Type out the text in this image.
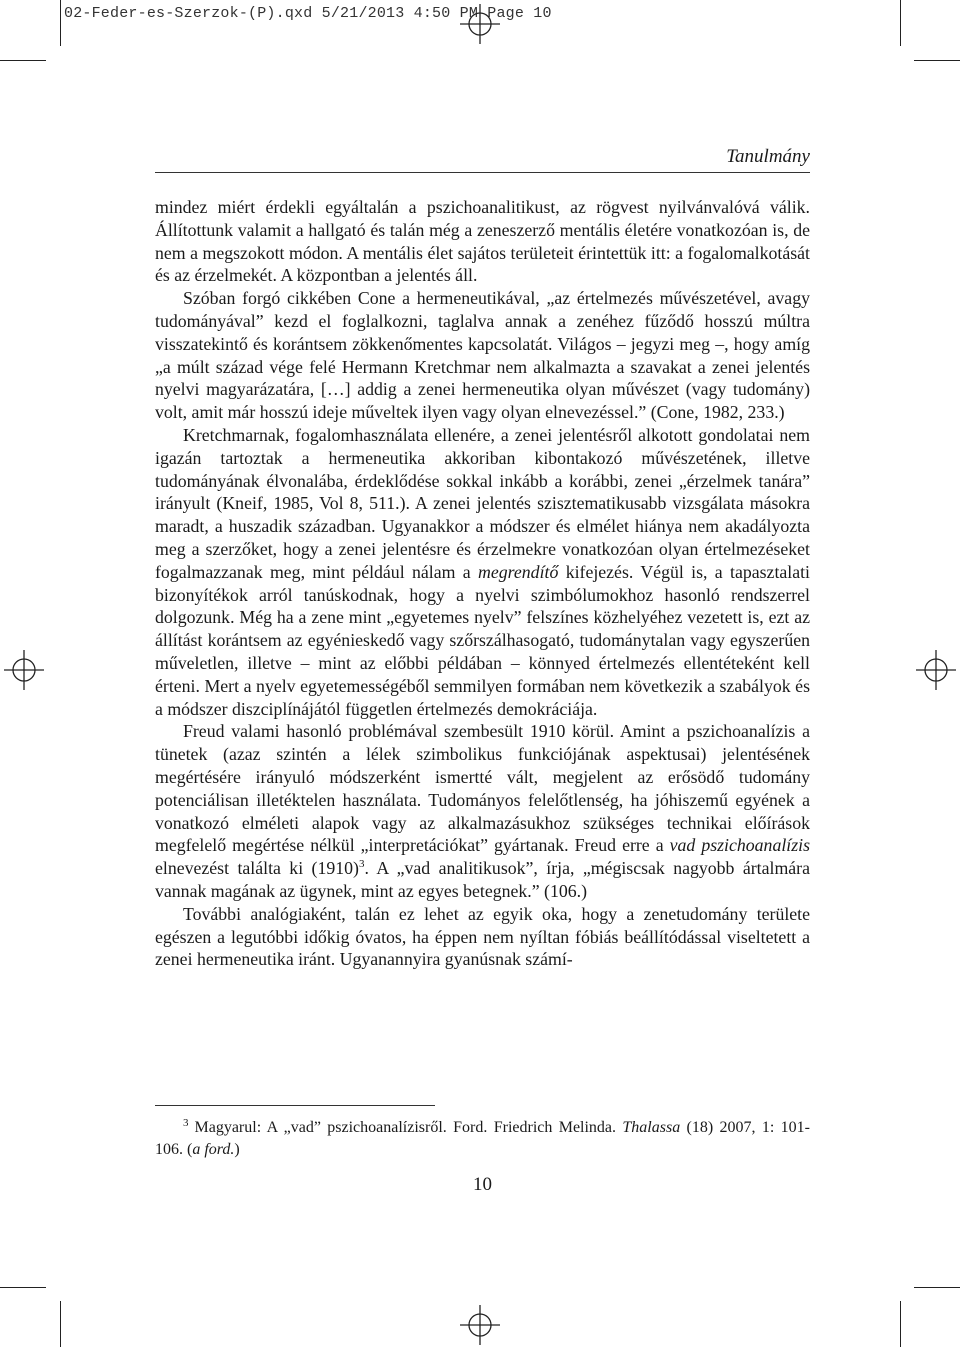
02-Feder-es-Szerzok-(P).qxd 5/21/2013 4:50 PM Page 10
Tanulmány

mindez miért érdekli egyáltalán a pszichoanalitikust, az rögvest nyilvánvalóvá válik. Állítottunk valamit a hallgató és talán még a zeneszerző mentális életére vonatkozóan is, de nem a megszokott módon. A mentális élet sajátos területeit érintettük itt: a fogalomalkotását és az érzelmekét. A központban a jelentés áll.

Szóban forgó cikkében Cone a hermeneutikával, „az értelmezés művészetével, avagy tudományával” kezd el foglalkozni, taglalva annak a zenéhez fűződő hosszú múltra visszatekintő és korántsem zökkenőmentes kapcsolatát. Világos – jegyzi meg –, hogy amíg „a múlt század vége felé Hermann Kretchmar nem alkalmazta a szavakat a zenei jelentés nyelvi magyarázatára, […] addig a zenei hermeneutika olyan művészet (vagy tudomány) volt, amit már hosszú ideje műveltek ilyen vagy olyan elnevezéssel.” (Cone, 1982, 233.)

Kretchmarnak, fogalomhasználata ellenére, a zenei jelentésről alkotott gondolatai nem igazán tartoztak a hermeneutika akkoriban kibontakozó művészetének, illetve tudományának élvonalába, érdeklődése sokkal inkább a korábbi, zenei „érzelmek tanára” irányult (Kneif, 1985, Vol 8, 511.). A zenei jelentés szisztematikusabb vizsgálata másokra maradt, a huszadik században. Ugyanakkor a módszer és elmélet hiánya nem akadályozta meg a szerzőket, hogy a zenei jelentésre és érzelmekre vonatkozóan olyan értelmezéseket fogalmazzanak meg, mint például nálam a megrendítő kifejezés. Végül is, a tapasztalati bizonyítékok arról tanúskodnak, hogy a nyelvi szimbólumokhoz hasonló rendszerrel dolgozunk. Még ha a zene mint „egyetemes nyelv” felszínes közhelyéhez vezetett is, ezt az állítást korántsem az egyénieskedő vagy szőrszálhasogató, tudománytalan vagy egyszerűen műveletlen, illetve – mint az előbbi példában – könnyed értelmezés ellentéteként kell érteni. Mert a nyelv egyetemességéből semmilyen formában nem következik a szabályok és a módszer diszciplínájától független értelmezés demokráciája.

Freud valami hasonló problémával szembesült 1910 körül. Amint a pszichoanalízis a tünetek (azaz szintén a lélek szimbolikus funkciójának aspektusai) jelentésének megértésére irányuló módszerként ismertté vált, megjelent az erősödő tudomány potenciálisan illetéktelen használata. Tudományos felelőtlenség, ha jóhiszemű egyének a vonatkozó elméleti alapok vagy az alkalmazásukhoz szükséges technikai előírások megfelelő megértése nélkül „interpretációkat” gyártanak. Freud erre a vad pszichoanalízis elnevezést találta ki $(1910)^3$. A „vad analitikusok”, írja, „mégiscsak nagyobb ártalmára vannak magának az ügynek, mint az egyes betegnek.” (106.)

További analógiaként, talán ez lehet az egyik oka, hogy a zenetudomány területe egészen a legutóbbi időkig óvatos, ha éppen nem nyíltan fóbiás beállítódással viseltetett a zenei hermeneutika iránt. Ugyanannyira gyanúsnak számí-

$^3$ Magyarul: A „vad” pszichoanalízisről. Ford. Friedrich Melinda. Thalassa (18) 2007, 1: 101-106. (a ford.)
10
